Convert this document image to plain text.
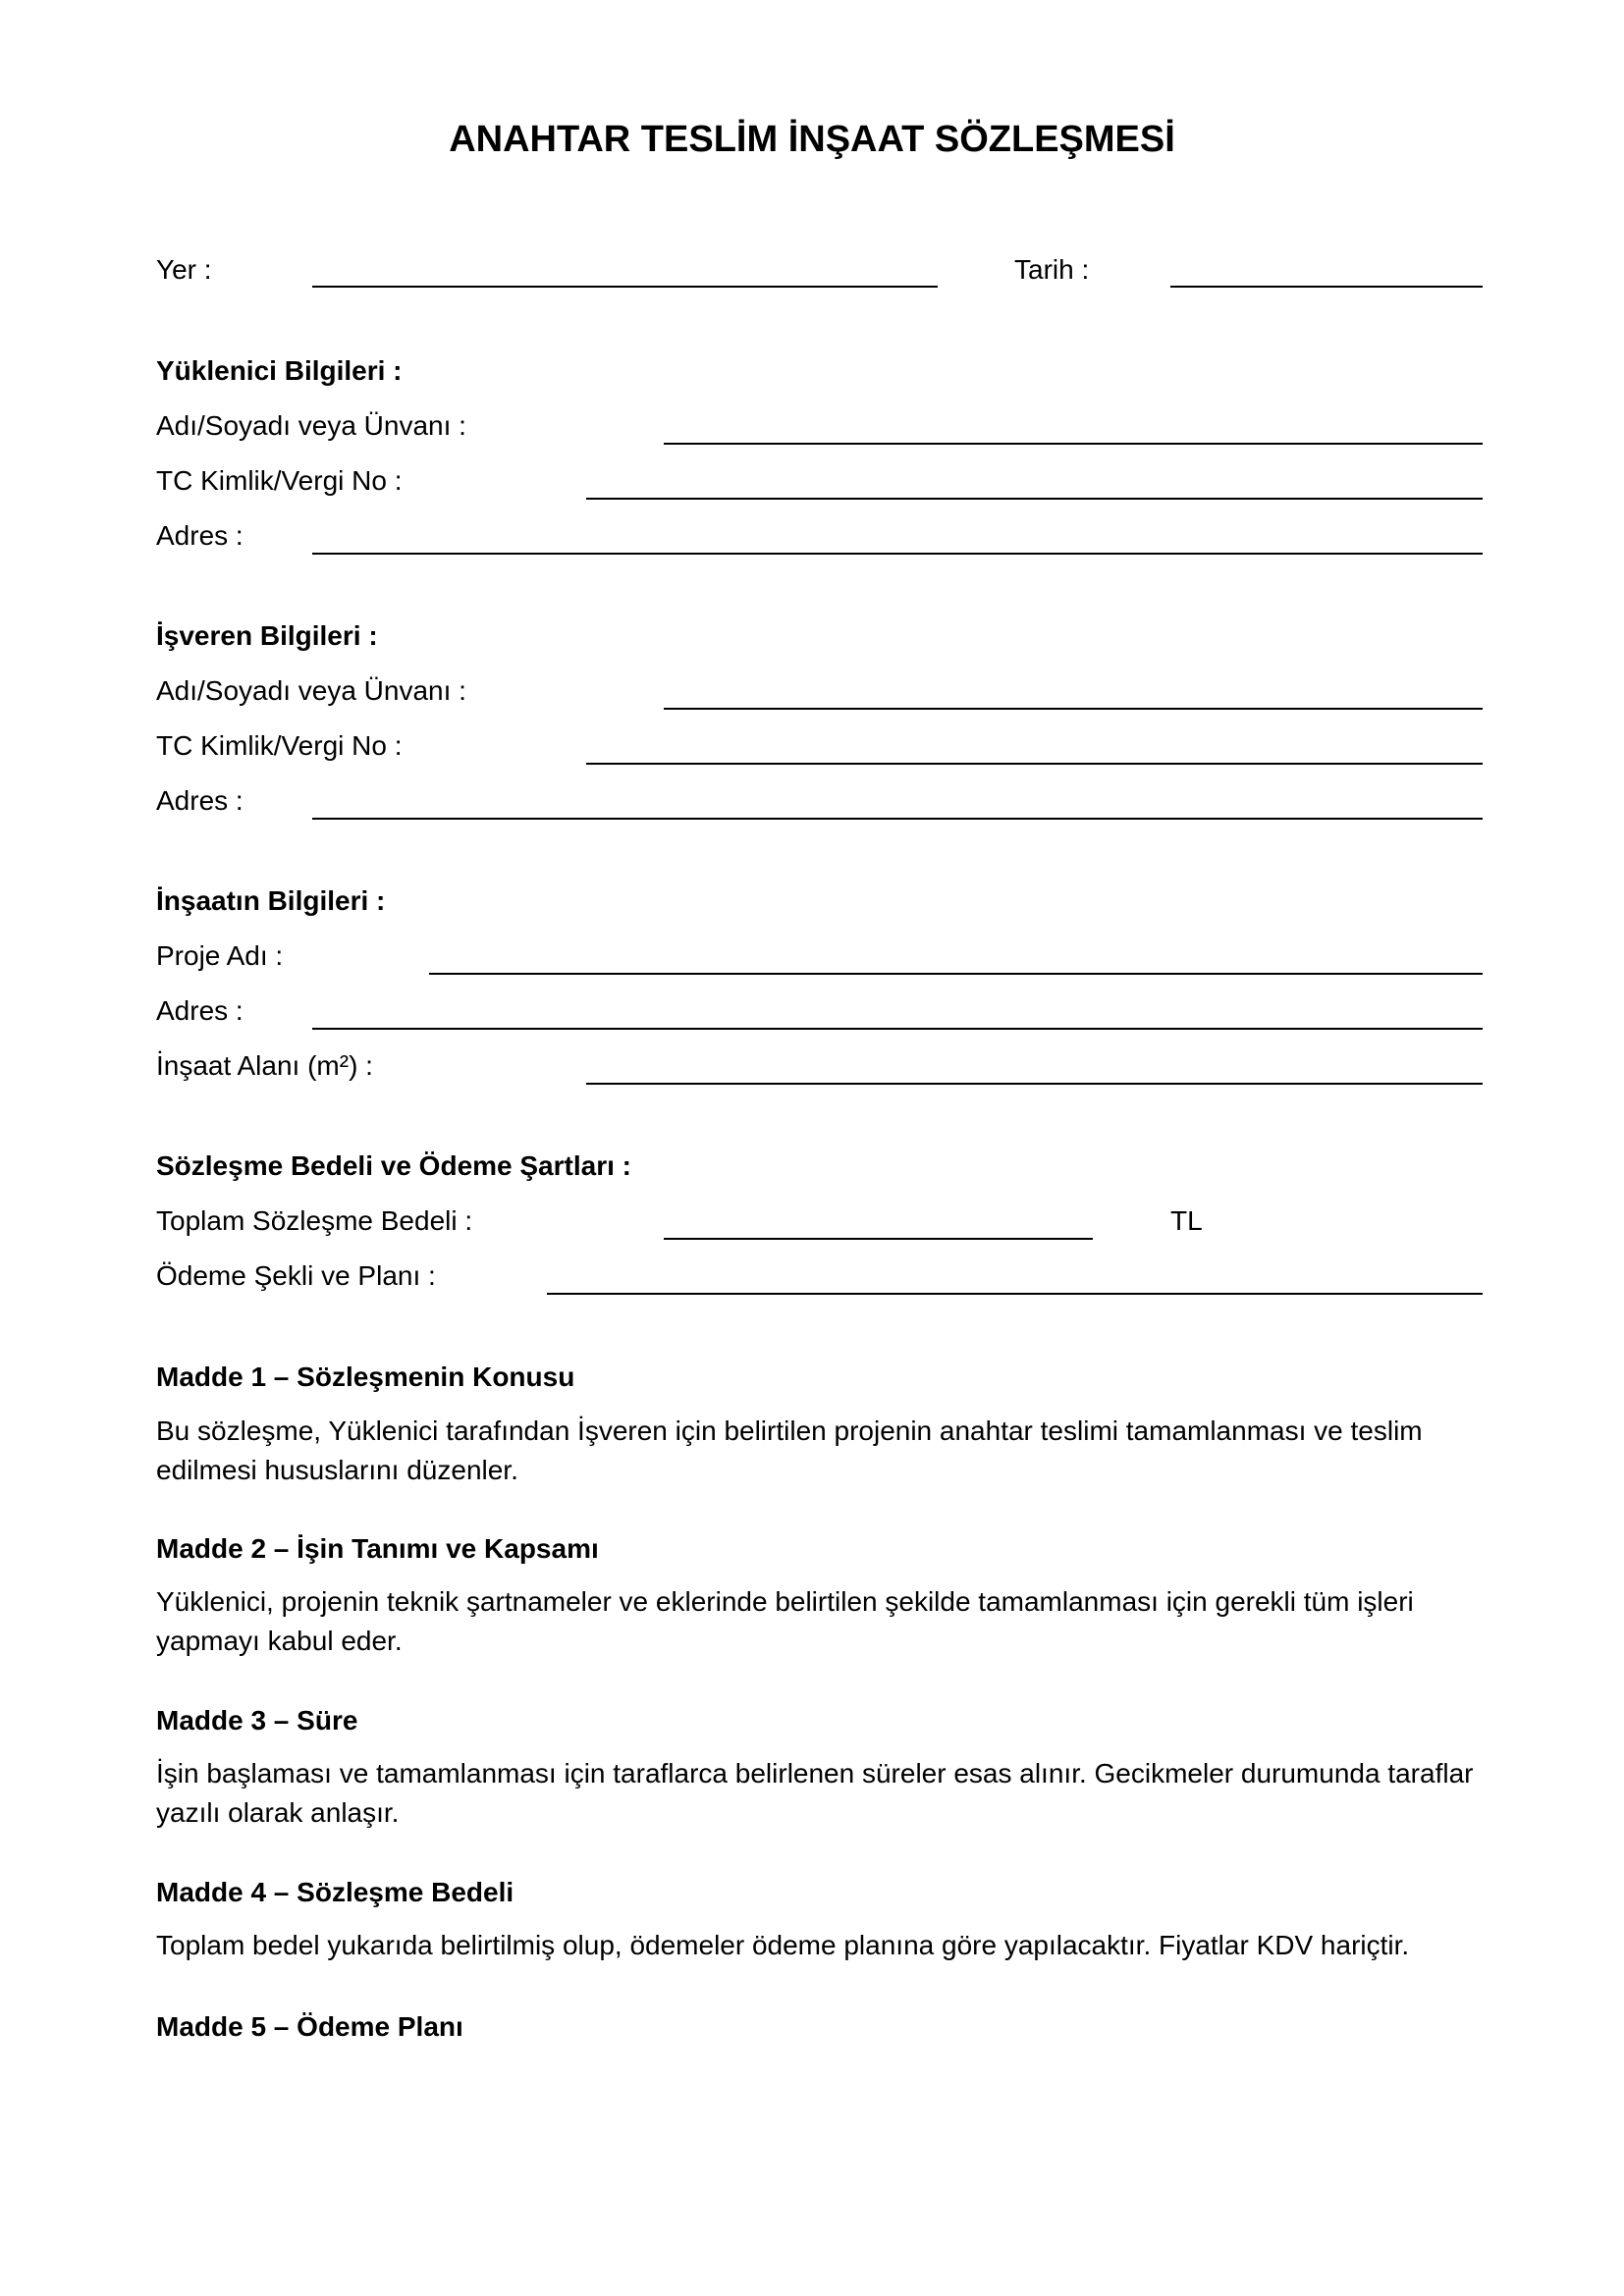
ANAHTAR TESLİM İNŞAAT SÖZLEŞMESİ
Yer :	Tarih :
Yüklenici Bilgileri :
Adı/Soyadı veya Ünvanı :
TC Kimlik/Vergi No :
Adres :
İşveren Bilgileri :
Adı/Soyadı veya Ünvanı :
TC Kimlik/Vergi No :
Adres :
İnşaatın Bilgileri :
Proje Adı :
Adres :
İnşaat Alanı (m²) :
Sözleşme Bedeli ve Ödeme Şartları :
Toplam Sözleşme Bedeli :	TL
Ödeme Şekli ve Planı :
Madde 1 – Sözleşmenin Konusu
Bu sözleşme, Yüklenici tarafından İşveren için belirtilen projenin anahtar teslimi tamamlanması ve teslim edilmesi hususlarını düzenler.
Madde 2 – İşin Tanımı ve Kapsamı
Yüklenici, projenin teknik şartnameler ve eklerinde belirtilen şekilde tamamlanması için gerekli tüm işleri yapmayı kabul eder.
Madde 3 – Süre
İşin başlaması ve tamamlanması için taraflarca belirlenen süreler esas alınır. Gecikmeler durumunda taraflar yazılı olarak anlaşır.
Madde 4 – Sözleşme Bedeli
Toplam bedel yukarıda belirtilmiş olup, ödemeler ödeme planına göre yapılacaktır. Fiyatlar KDV hariçtir.
Madde 5 – Ödeme Planı
